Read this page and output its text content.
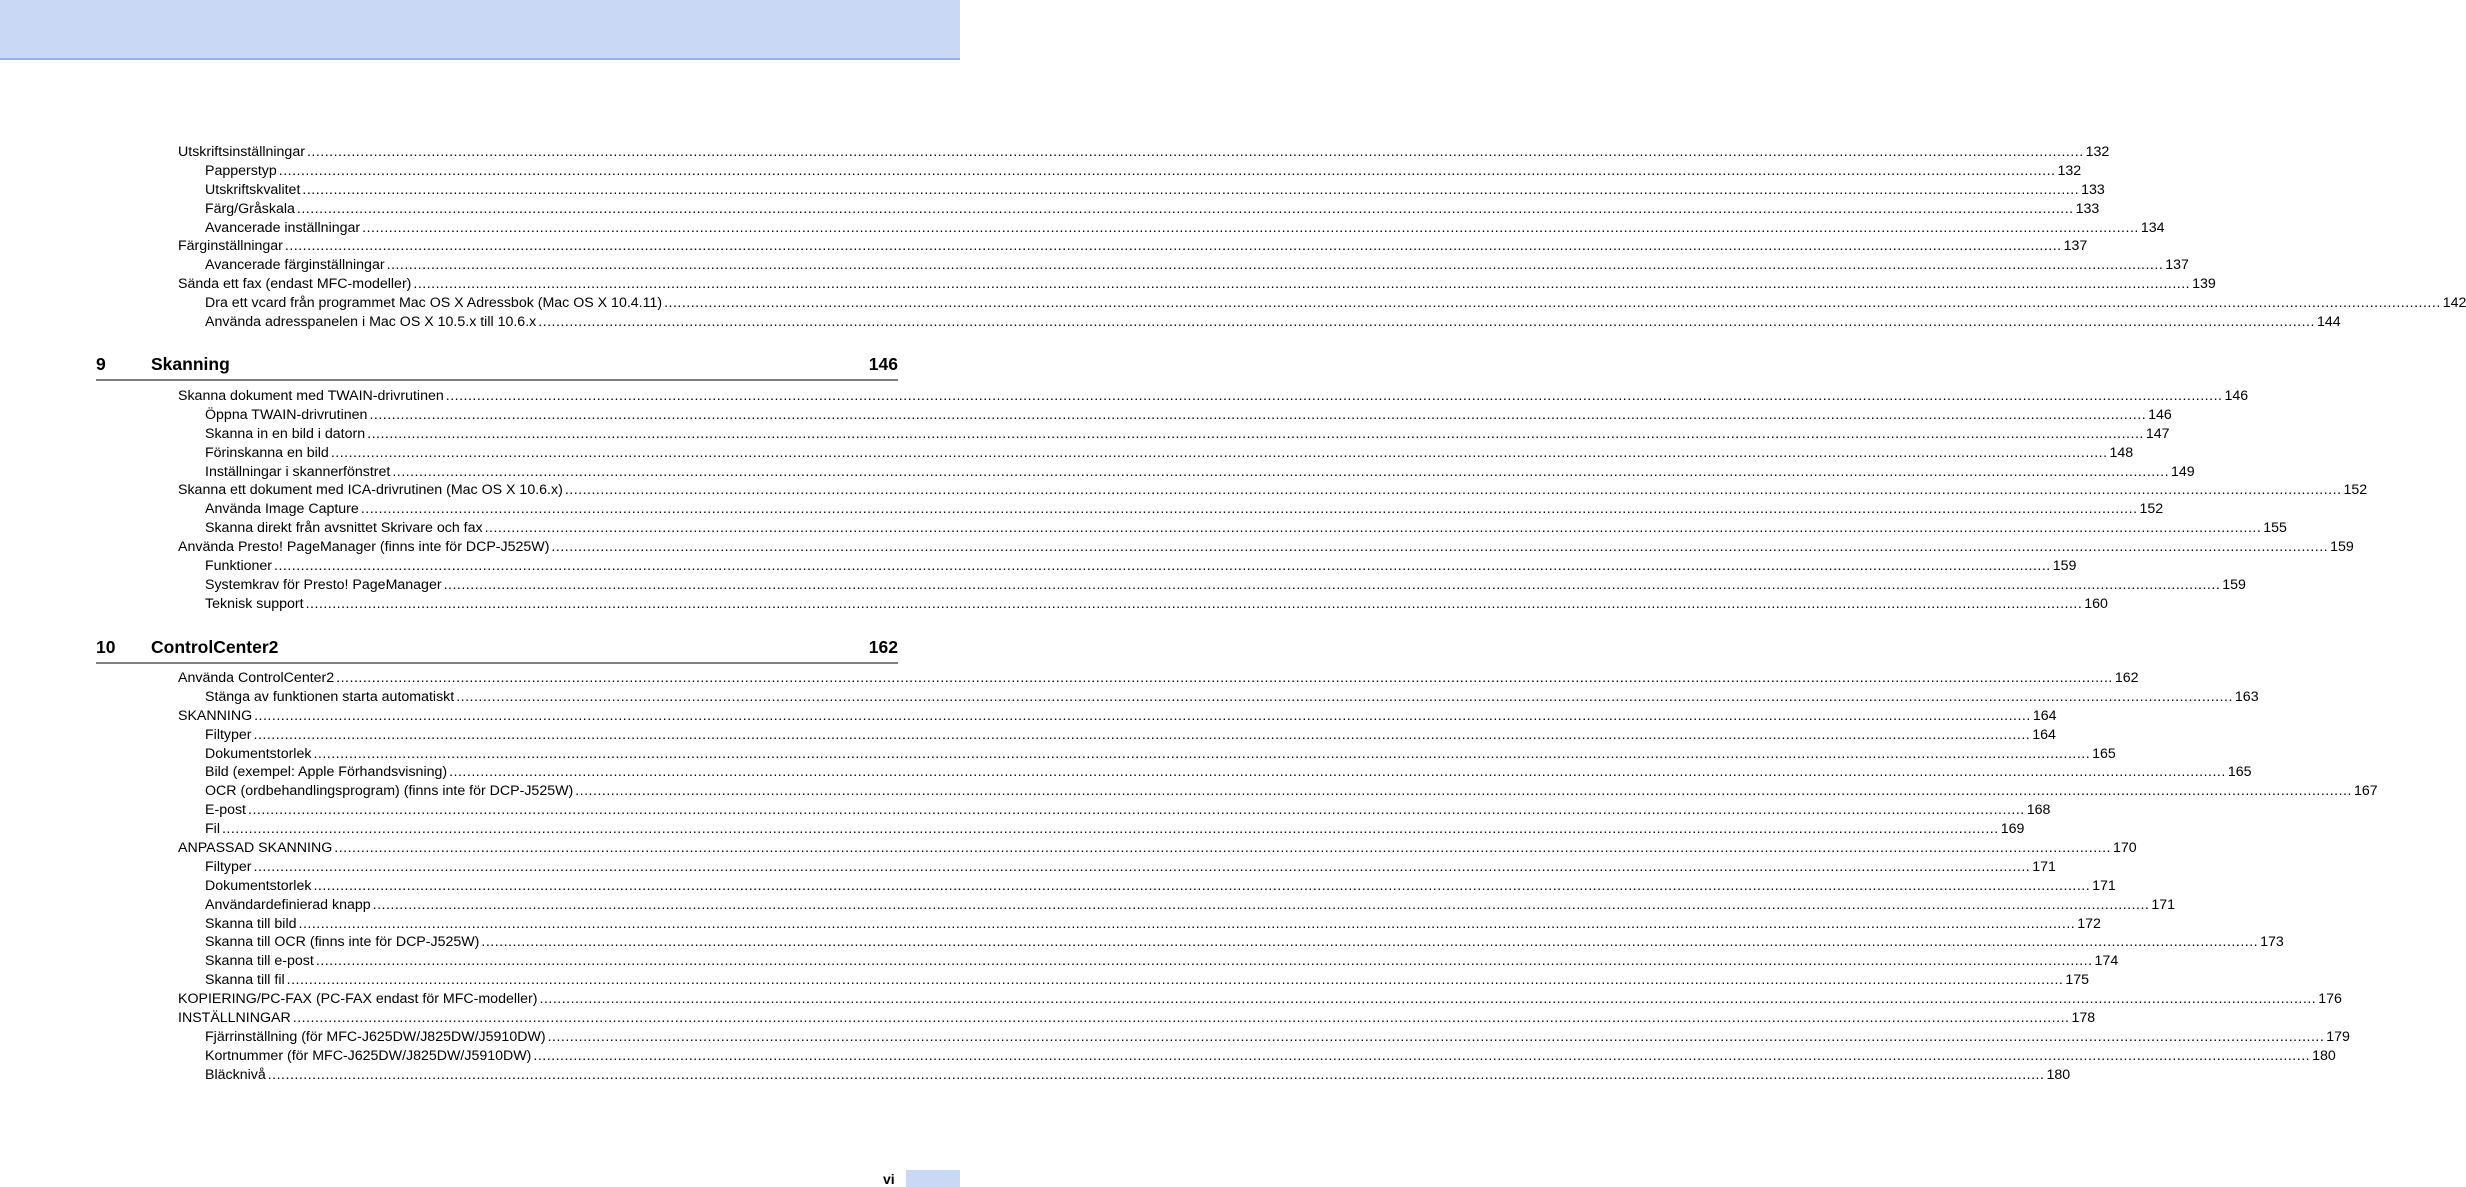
Utskriftsinställningar ................................................................................................................................................................................................................................................................................................................................................................................................................ 132
Papperstyp ................................................................................................................................................................................................................................................................................................................................................................................................................ 132
Utskriftskvalitet ................................................................................................................................................................................................................................................................................................................................................................................................................ 133
Färg/Gråskala ................................................................................................................................................................................................................................................................................................................................................................................................................ 133
Avancerade inställningar ................................................................................................................................................................................................................................................................................................................................................................................................................ 134
Färginställningar ................................................................................................................................................................................................................................................................................................................................................................................................................ 137
Avancerade färginställningar ................................................................................................................................................................................................................................................................................................................................................................................................................ 137
Sända ett fax (endast MFC-modeller) ................................................................................................................................................................................................................................................................................................................................................................................................................ 139
Dra ett vcard från programmet Mac OS X Adressbok (Mac OS X 10.4.11) ................................................................................................................................................................................................................................................................................................................................................................................................................ 142
Använda adresspanelen i Mac OS X 10.5.x till 10.6.x ................................................................................................................................................................................................................................................................................................................................................................................................................ 144
9	Skanning	146
Skanna dokument med TWAIN-drivrutinen ................................................................................................................................................................................................................................................................................................................................................................................................................ 146
Öppna TWAIN-drivrutinen ................................................................................................................................................................................................................................................................................................................................................................................................................ 146
Skanna in en bild i datorn ................................................................................................................................................................................................................................................................................................................................................................................................................ 147
Förinskanna en bild ................................................................................................................................................................................................................................................................................................................................................................................................................ 148
Inställningar i skannerfönstret ................................................................................................................................................................................................................................................................................................................................................................................................................ 149
Skanna ett dokument med ICA-drivrutinen (Mac OS X 10.6.x) ................................................................................................................................................................................................................................................................................................................................................................................................................ 152
Använda Image Capture ................................................................................................................................................................................................................................................................................................................................................................................................................ 152
Skanna direkt från avsnittet Skrivare och fax ................................................................................................................................................................................................................................................................................................................................................................................................................ 155
Använda Presto! PageManager (finns inte för DCP-J525W) ................................................................................................................................................................................................................................................................................................................................................................................................................ 159
Funktioner ................................................................................................................................................................................................................................................................................................................................................................................................................ 159
Systemkrav för Presto! PageManager ................................................................................................................................................................................................................................................................................................................................................................................................................ 159
Teknisk support ................................................................................................................................................................................................................................................................................................................................................................................................................ 160
10 ControlCenter2	162
Använda ControlCenter2 ................................................................................................................................................................................................................................................................................................................................................................................................................ 162
Stänga av funktionen starta automatiskt ................................................................................................................................................................................................................................................................................................................................................................................................................ 163
SKANNING ................................................................................................................................................................................................................................................................................................................................................................................................................ 164
Filtyper ................................................................................................................................................................................................................................................................................................................................................................................................................ 164
Dokumentstorlek ................................................................................................................................................................................................................................................................................................................................................................................................................ 165
Bild (exempel: Apple Förhandsvisning) ................................................................................................................................................................................................................................................................................................................................................................................................................ 165
OCR (ordbehandlingsprogram) (finns inte för DCP-J525W) ................................................................................................................................................................................................................................................................................................................................................................................................................ 167
E-post ................................................................................................................................................................................................................................................................................................................................................................................................................ 168
Fil ................................................................................................................................................................................................................................................................................................................................................................................................................ 169
ANPASSAD SKANNING ................................................................................................................................................................................................................................................................................................................................................................................................................ 170
Filtyper ................................................................................................................................................................................................................................................................................................................................................................................................................ 171
Dokumentstorlek ................................................................................................................................................................................................................................................................................................................................................................................................................ 171
Användardefinierad knapp ................................................................................................................................................................................................................................................................................................................................................................................................................ 171
Skanna till bild ................................................................................................................................................................................................................................................................................................................................................................................................................ 172
Skanna till OCR (finns inte för DCP-J525W) ................................................................................................................................................................................................................................................................................................................................................................................................................ 173
Skanna till e-post ................................................................................................................................................................................................................................................................................................................................................................................................................ 174
Skanna till fil ................................................................................................................................................................................................................................................................................................................................................................................................................ 175
KOPIERING/PC-FAX (PC-FAX endast för MFC-modeller) ................................................................................................................................................................................................................................................................................................................................................................................................................ 176
INSTÄLLNINGAR ................................................................................................................................................................................................................................................................................................................................................................................................................ 178
Fjärrinställning (för MFC-J625DW/J825DW/J5910DW) ................................................................................................................................................................................................................................................................................................................................................................................................................ 179
Kortnummer (för MFC-J625DW/J825DW/J5910DW) ................................................................................................................................................................................................................................................................................................................................................................................................................ 180
Bläcknivå ................................................................................................................................................................................................................................................................................................................................................................................................................ 180
vi
